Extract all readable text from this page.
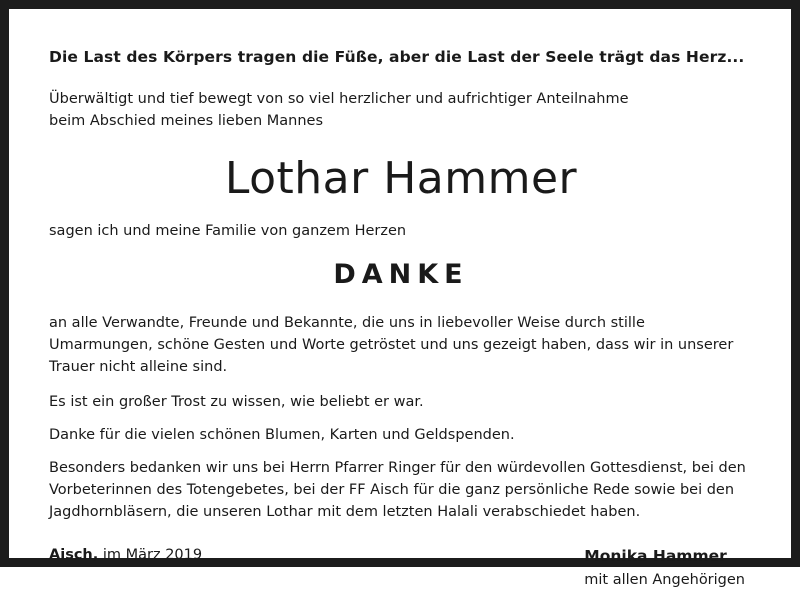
Die Last des Körpers tragen die Füße, aber die Last der Seele trägt das Herz...
Überwältigt und tief bewegt von so viel herzlicher und aufrichtiger Anteilnahme
beim Abschied meines lieben Mannes
Lothar Hammer
sagen ich und meine Familie von ganzem Herzen
DANKE
an alle Verwandte, Freunde und Bekannte, die uns in liebevoller Weise durch stille Umarmungen, schöne Gesten und Worte getröstet und uns gezeigt haben, dass wir in unserer Trauer nicht alleine sind.
Es ist ein großer Trost zu wissen, wie beliebt er war.
Danke für die vielen schönen Blumen, Karten und Geldspenden.
Besonders bedanken wir uns bei Herrn Pfarrer Ringer für den würdevollen Gottesdienst, bei den Vorbeterinnen des Totengebetes, bei der FF Aisch für die ganz persönliche Rede sowie bei den Jagdhornbläsern, die unseren Lothar mit dem letzten Halali verabschiedet haben.
Aisch, im März 2019	Monika Hammer
mit allen Angehörigen
